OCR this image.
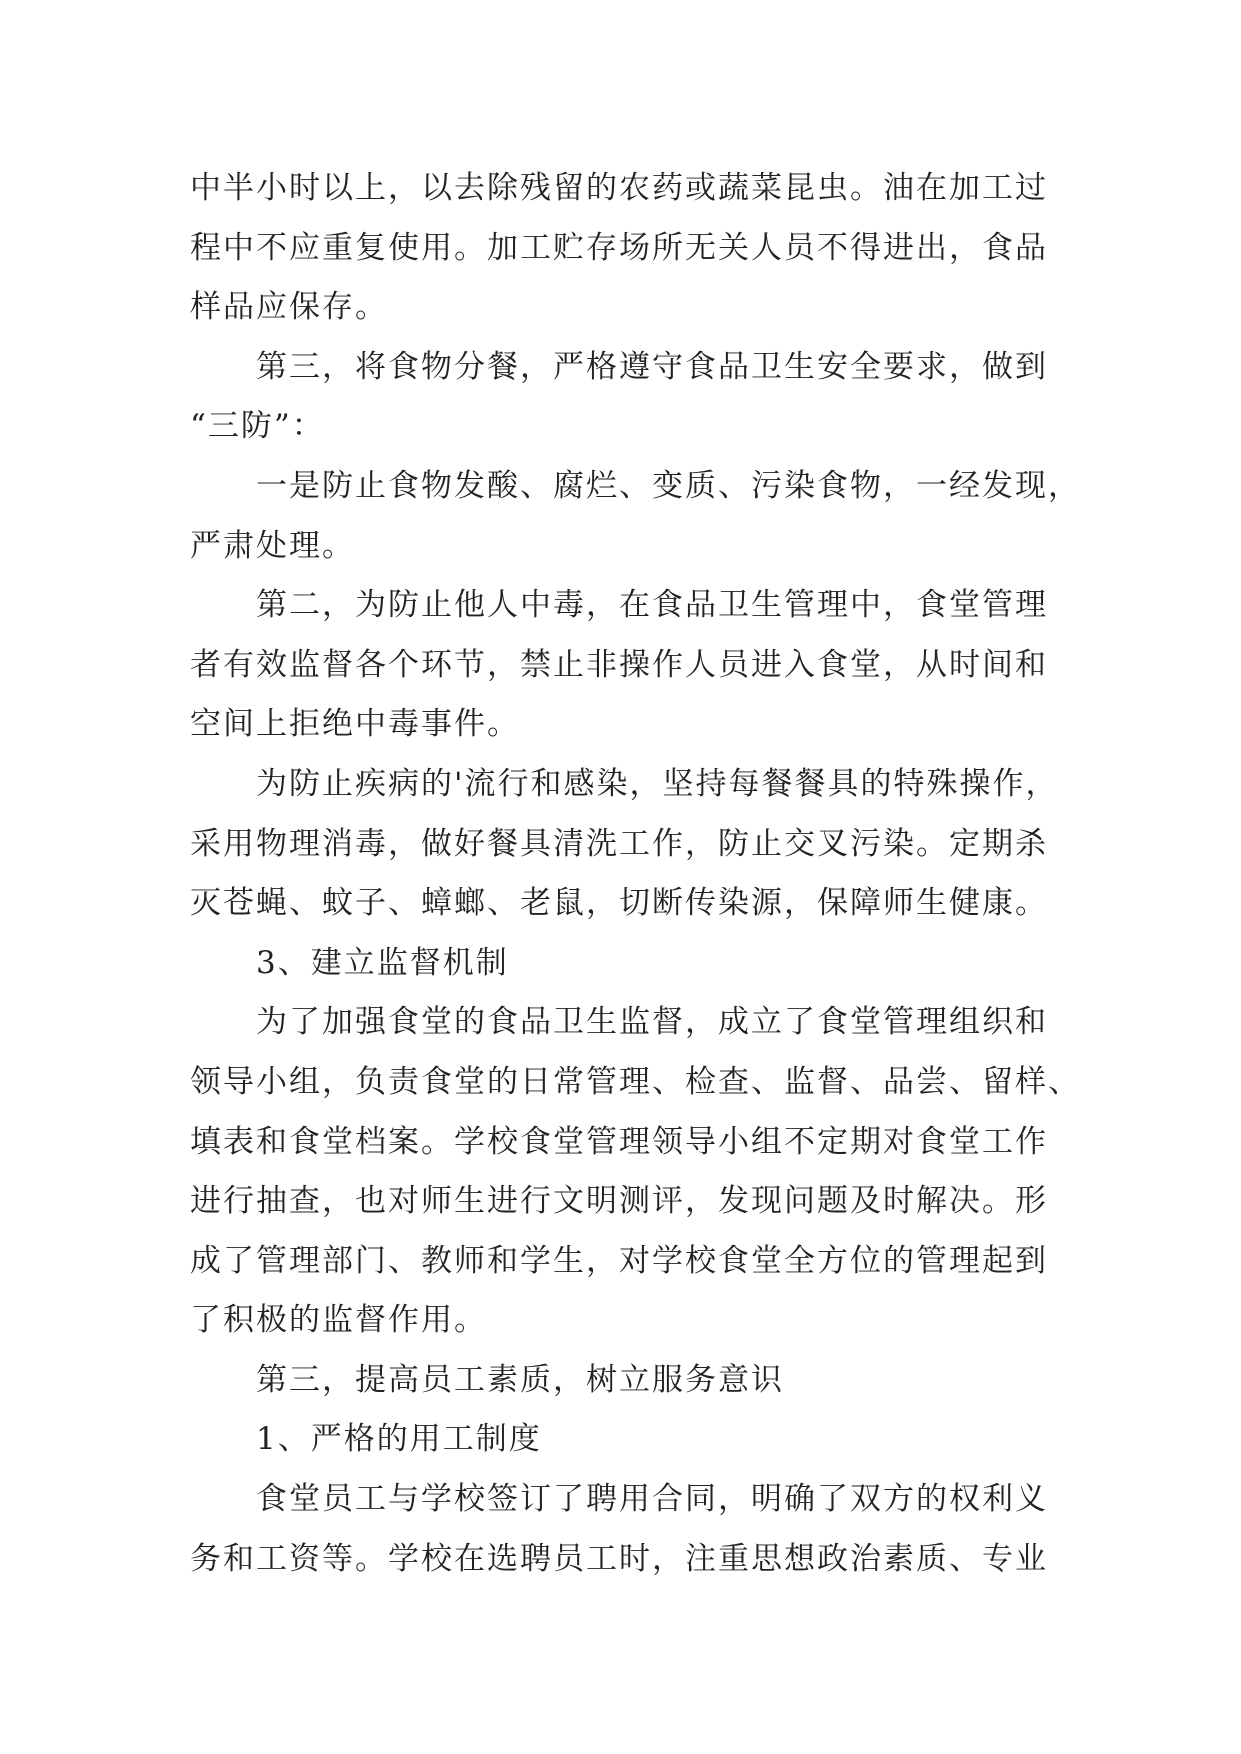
中半小时以上，以去除残留的农药或蔬菜昆虫。油在加工过
程中不应重复使用。加工贮存场所无关人员不得进出，食品
样品应保存。
第三，将食物分餐，严格遵守食品卫生安全要求，做到
“三防”：
一是防止食物发酸、腐烂、变质、污染食物，一经发现，
严肃处理。
第二，为防止他人中毒，在食品卫生管理中，食堂管理
者有效监督各个环节，禁止非操作人员进入食堂，从时间和
空间上拒绝中毒事件。
为防止疾病的'流行和感染，坚持每餐餐具的特殊操作，
采用物理消毒，做好餐具清洗工作，防止交叉污染。定期杀
灭苍蝇、蚊子、蟑螂、老鼠，切断传染源，保障师生健康。
3、建立监督机制
为了加强食堂的食品卫生监督，成立了食堂管理组织和
领导小组，负责食堂的日常管理、检查、监督、品尝、留样、
填表和食堂档案。学校食堂管理领导小组不定期对食堂工作
进行抽查，也对师生进行文明测评，发现问题及时解决。形
成了管理部门、教师和学生，对学校食堂全方位的管理起到
了积极的监督作用。
第三，提高员工素质，树立服务意识
1、严格的用工制度
食堂员工与学校签订了聘用合同，明确了双方的权利义
务和工资等。学校在选聘员工时，注重思想政治素质、专业
